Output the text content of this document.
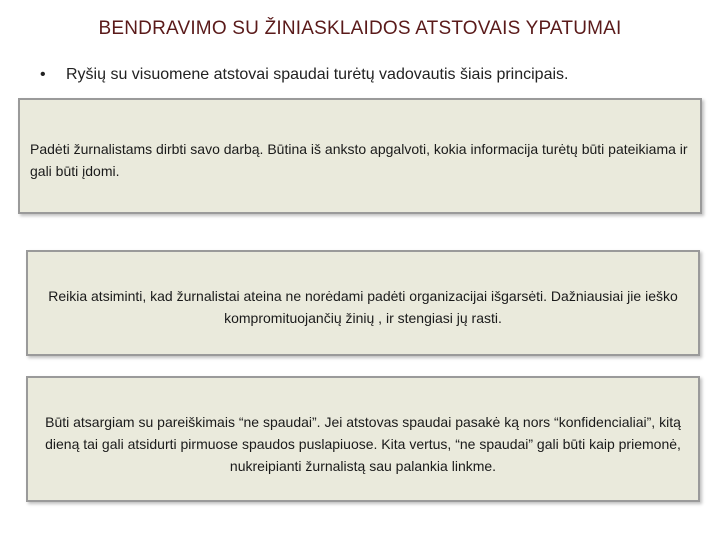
BENDRAVIMO SU ŽINIASKLAIDOS ATSTOVAIS YPATUMAI
•	Ryšių su visuomene atstovai spaudai turėtų vadovautis šiais principais.
Padėti žurnalistams dirbti savo darbą. Būtina iš anksto apgalvoti, kokia informacija turėtų būti pateikiama ir gali būti įdomi.
Reikia atsiminti, kad žurnalistai ateina ne norėdami padėti organizacijai išgarsėti. Dažniausiai jie ieško kompromituojančių žinių , ir stengiasi jų rasti.
Būti atsargiam su pareiškimais “ne spaudai”. Jei atstovas spaudai pasakė ką nors “konfidencialiai”, kitą dieną tai gali atsidurti pirmuose spaudos puslapiuose. Kita vertus, “ne spaudai” gali būti kaip priemonė, nukreipianti žurnalistą sau palankia linkme.
